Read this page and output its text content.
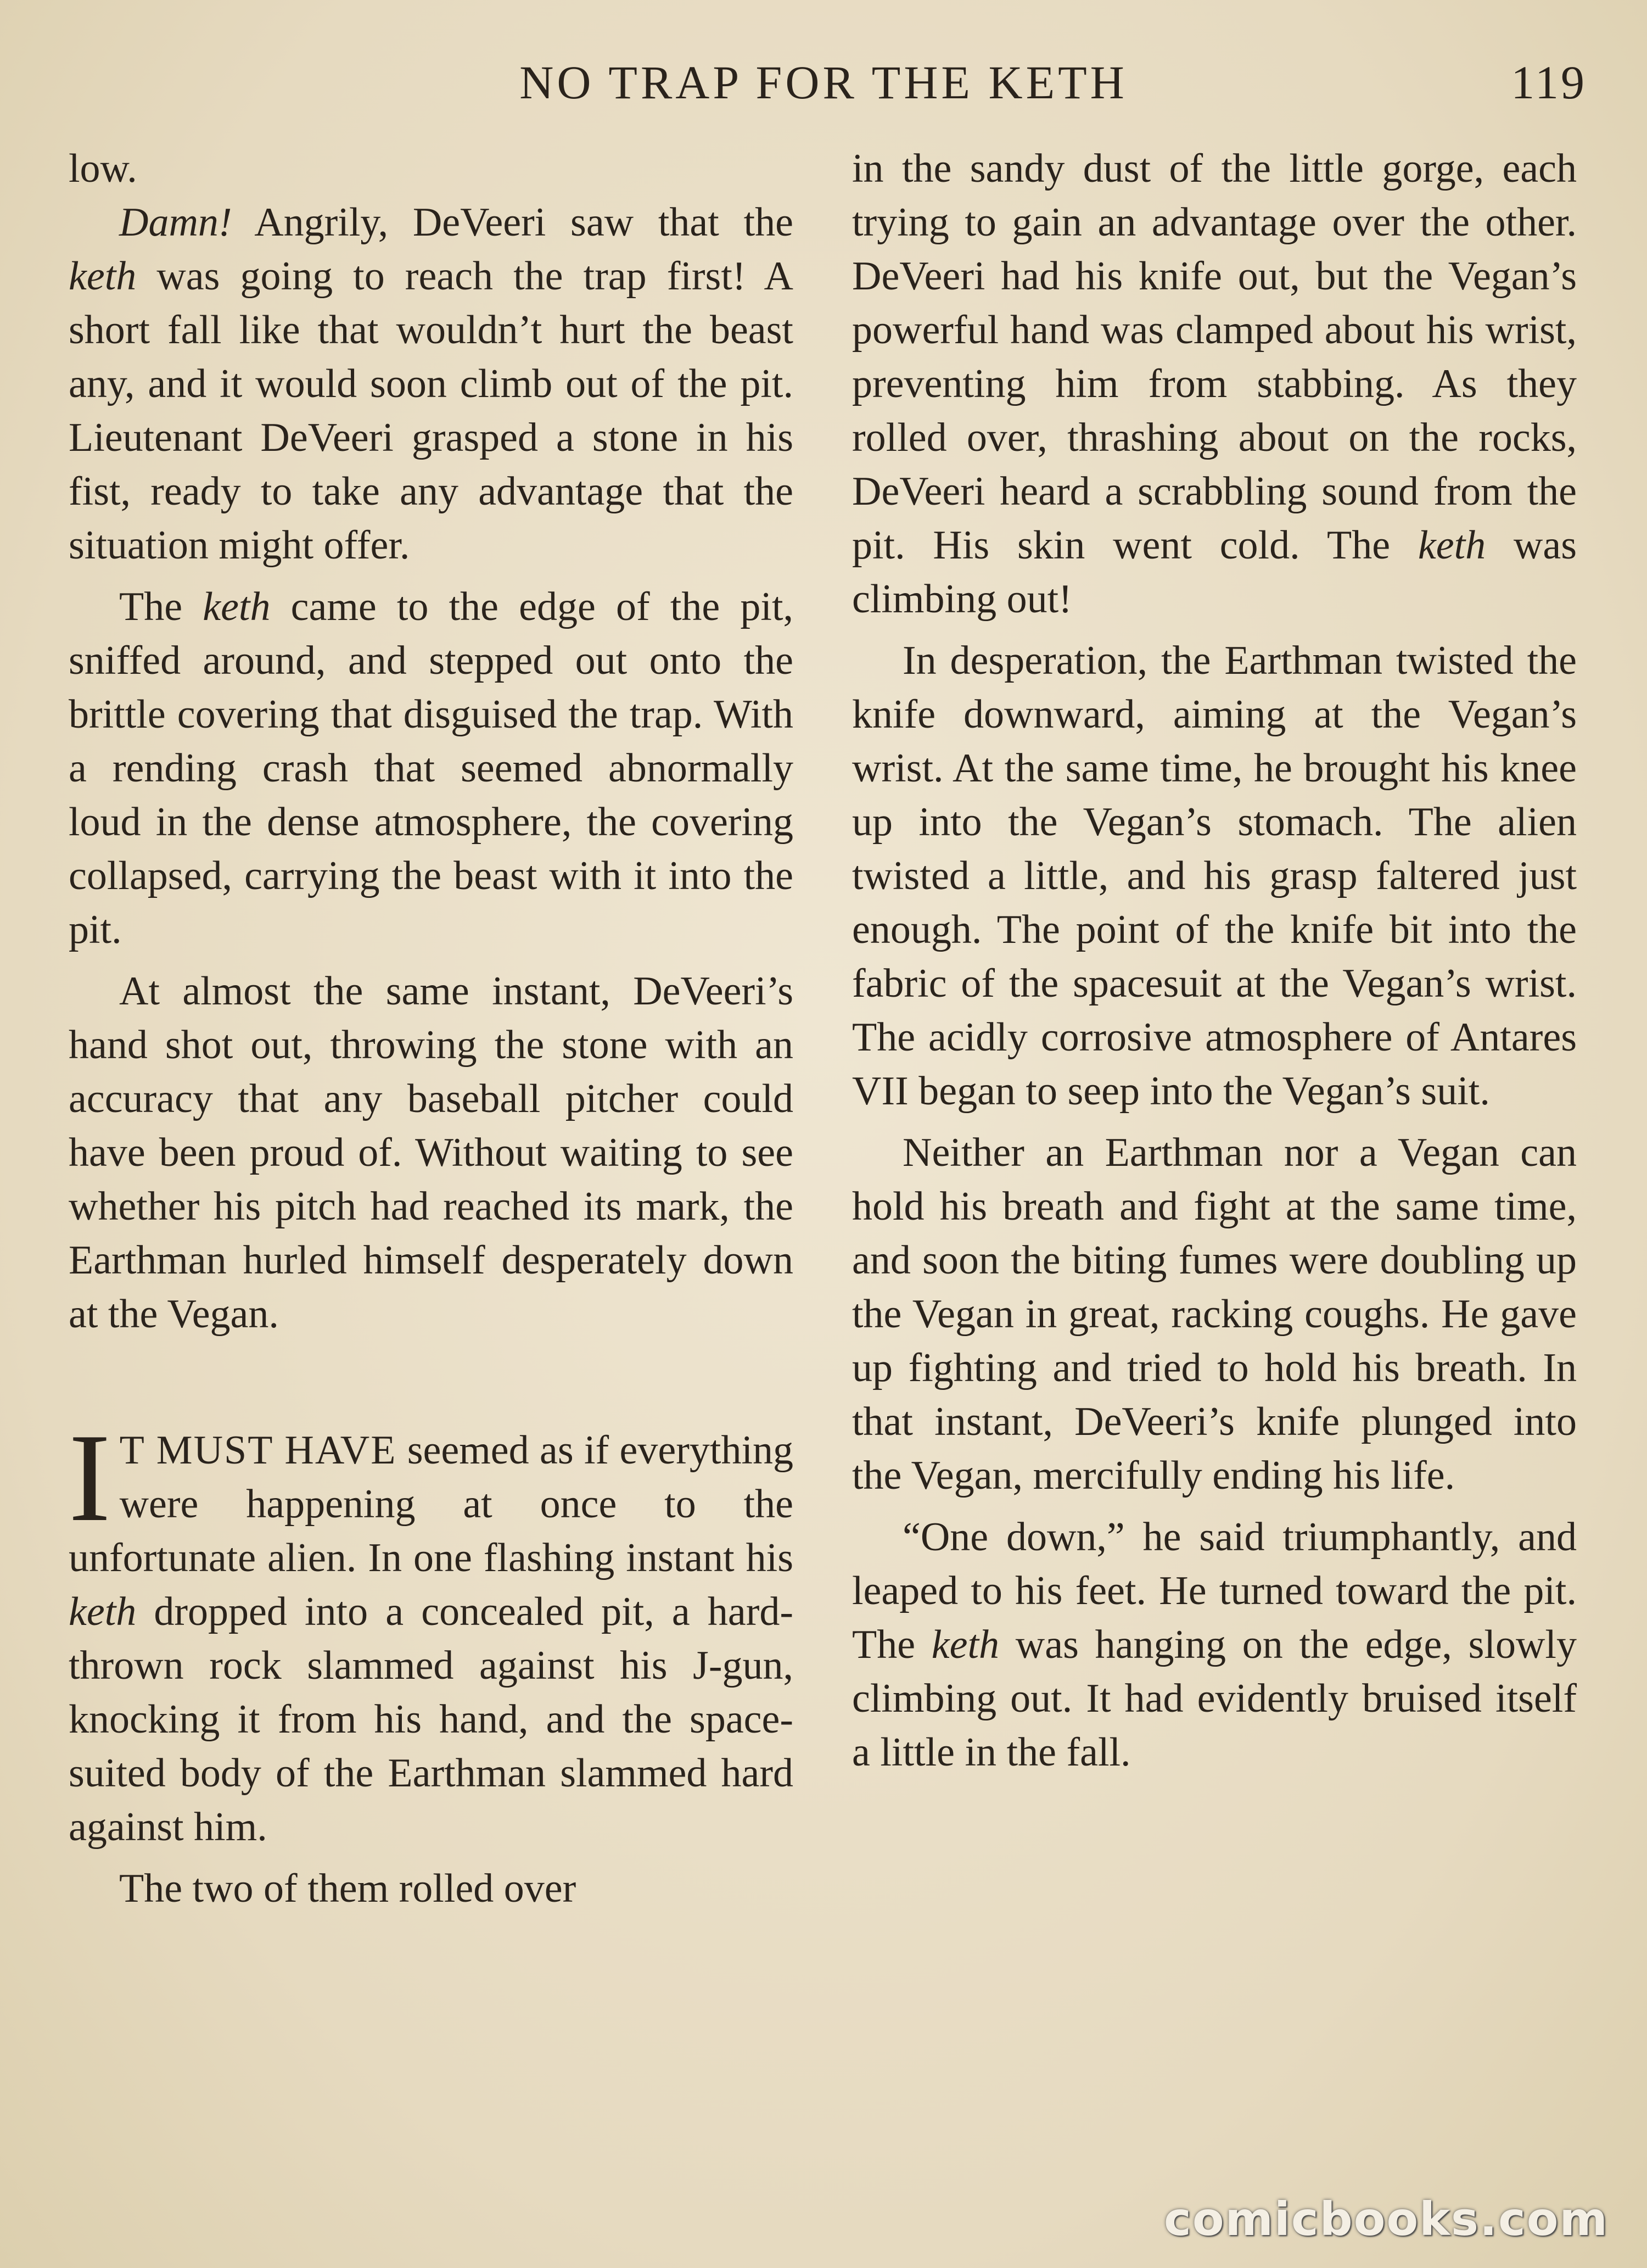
NO TRAP FOR THE KETH	119

low.

Damn! Angrily, DeVeeri saw that the keth was going to reach the trap first! A short fall like that wouldn’t hurt the beast any, and it would soon climb out of the pit. Lieutenant DeVeeri grasped a stone in his fist, ready to take any advantage that the situation might offer.

The keth came to the edge of the pit, sniffed around, and stepped out onto the brittle covering that disguised the trap. With a rending crash that seemed abnormally loud in the dense atmosphere, the covering collapsed, carrying the beast with it into the pit.

At almost the same instant, DeVeeri’s hand shot out, throwing the stone with an accuracy that any baseball pitcher could have been proud of. Without waiting to see whether his pitch had reached its mark, the Earthman hurled himself desperately down at the Vegan.

I T MUST HAVE seemed as if everything were happening at once to the unfortunate alien. In one flashing instant his keth dropped into a concealed pit, a hard-thrown rock slammed against his J-gun, knocking it from his hand, and the space-suited body of the Earthman slammed hard against him.

The two of them rolled over

in the sandy dust of the little gorge, each trying to gain an advantage over the other. DeVeeri had his knife out, but the Vegan’s powerful hand was clamped about his wrist, preventing him from stabbing. As they rolled over, thrashing about on the rocks, DeVeeri heard a scrabbling sound from the pit. His skin went cold. The keth was climbing out!

In desperation, the Earthman twisted the knife downward, aiming at the Vegan’s wrist. At the same time, he brought his knee up into the Vegan’s stomach. The alien twisted a little, and his grasp faltered just enough. The point of the knife bit into the fabric of the spacesuit at the Vegan’s wrist. The acidly corrosive atmosphere of Antares VII began to seep into the Vegan’s suit.

Neither an Earthman nor a Vegan can hold his breath and fight at the same time, and soon the biting fumes were doubling up the Vegan in great, racking coughs. He gave up fighting and tried to hold his breath. In that instant, DeVeeri’s knife plunged into the Vegan, mercifully ending his life.

“One down,” he said triumphantly, and leaped to his feet. He turned toward the pit. The keth was hanging on the edge, slowly climbing out. It had evidently bruised itself a little in the fall.

comicbooks.com
